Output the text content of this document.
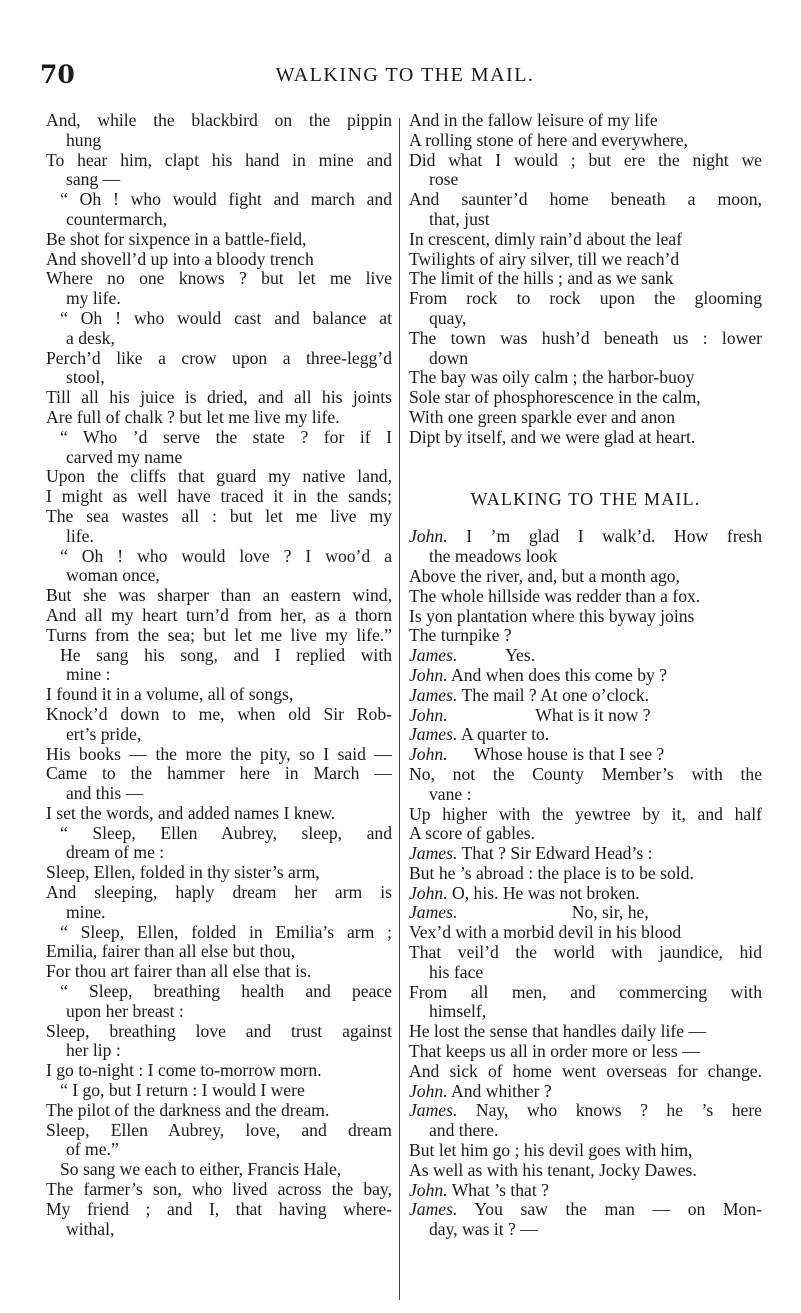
70	WALKING TO THE MAIL.
And, while the blackbird on the pippin
hung
To hear him, clapt his hand in mine and
sang —
“ Oh ! who would fight and march and
countermarch,
Be shot for sixpence in a battle-field,
And shovell’d up into a bloody trench
Where no one knows ? but let me live
my life.
“ Oh ! who would cast and balance at
a desk,
Perch’d like a crow upon a three-legg’d
stool,
Till all his juice is dried, and all his joints
Are full of chalk ? but let me live my life.
“ Who ’d serve the state ? for if I
carved my name
Upon the cliffs that guard my native land,
I might as well have traced it in the sands;
The sea wastes all : but let me live my
life.
“ Oh ! who would love ? I woo’d a
woman once,
But she was sharper than an eastern wind,
And all my heart turn’d from her, as a thorn
Turns from the sea; but let me live my life.”
He sang his song, and I replied with
mine :
I found it in a volume, all of songs,
Knock’d down to me, when old Sir Rob-
ert’s pride,
His books — the more the pity, so I said —
Came to the hammer here in March —
and this —
I set the words, and added names I knew.
“ Sleep, Ellen Aubrey, sleep, and
dream of me :
Sleep, Ellen, folded in thy sister’s arm,
And sleeping, haply dream her arm is
mine.
“ Sleep, Ellen, folded in Emilia’s arm ;
Emilia, fairer than all else but thou,
For thou art fairer than all else that is.
“ Sleep, breathing health and peace
upon her breast :
Sleep, breathing love and trust against
her lip :
I go to-night : I come to-morrow morn.
“ I go, but I return : I would I were
The pilot of the darkness and the dream.
Sleep, Ellen Aubrey, love, and dream
of me.”
So sang we each to either, Francis Hale,
The farmer’s son, who lived across the bay,
My friend ; and I, that having where-
withal,
And in the fallow leisure of my life
A rolling stone of here and everywhere,
Did what I would ; but ere the night we
rose
And saunter’d home beneath a moon,
that, just
In crescent, dimly rain’d about the leaf
Twilights of airy silver, till we reach’d
The limit of the hills ; and as we sank
From rock to rock upon the glooming
quay,
The town was hush’d beneath us : lower
down
The bay was oily calm ; the harbor-buoy
Sole star of phosphorescence in the calm,
With one green sparkle ever and anon
Dipt by itself, and we were glad at heart.
WALKING TO THE MAIL.
John. I ’m glad I walk’d. How fresh
the meadows look
Above the river, and, but a month ago,
The whole hillside was redder than a fox.
Is yon plantation where this byway joins
The turnpike ?
James.           Yes.
John. And when does this come by ?
James. The mail ? At one o’clock.
John.                    What is it now ?
James. A quarter to.
John.      Whose house is that I see ?
No, not the County Member’s with the
vane :
Up higher with the yewtree by it, and half
A score of gables.
James. That ? Sir Edward Head’s :
But he ’s abroad : the place is to be sold.
John. O, his. He was not broken.
James.                          No, sir, he,
Vex’d with a morbid devil in his blood
That veil’d the world with jaundice, hid
his face
From all men, and commercing with
himself,
He lost the sense that handles daily life —
That keeps us all in order more or less —
And sick of home went overseas for change.
John. And whither ?
James. Nay, who knows ? he ’s here
and there.
But let him go ; his devil goes with him,
As well as with his tenant, Jocky Dawes.
John. What ’s that ?
James. You saw the man — on Mon-
day, was it ? —
